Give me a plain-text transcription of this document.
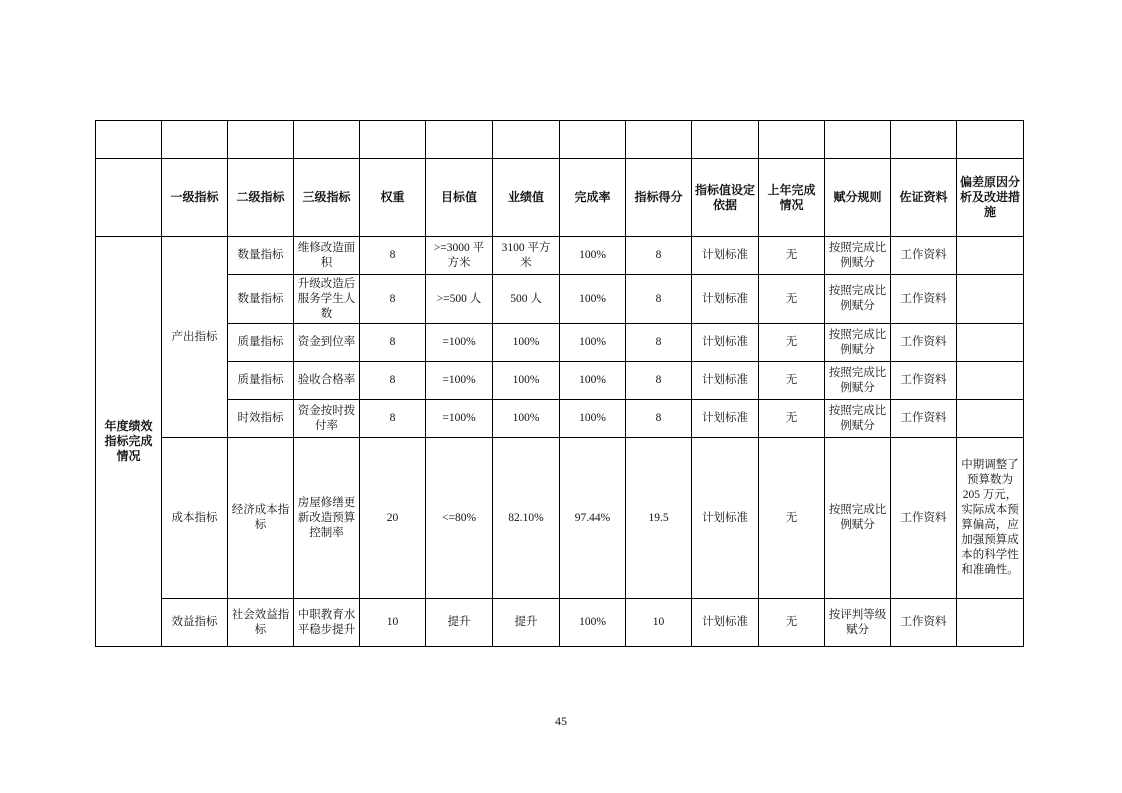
	一级指标	二级指标	三级指标	权重	目标值	业绩值	完成率	指标得分	指标值设定依据	上年完成情况	赋分规则	佐证资料	偏差原因分析及改进措施
年度绩效指标完成情况	产出指标	数量指标	维修改造面积	8	>=3000 平方米	3100 平方米	100%	8	计划标准	无	按照完成比例赋分	工作资料	
		数量指标	升级改造后服务学生人数	8	>=500 人	500 人	100%	8	计划标准	无	按照完成比例赋分	工作资料	
		质量指标	资金到位率	8	=100%	100%	100%	8	计划标准	无	按照完成比例赋分	工作资料	
		质量指标	验收合格率	8	=100%	100%	100%	8	计划标准	无	按照完成比例赋分	工作资料	
		时效指标	资金按时拨付率	8	=100%	100%	100%	8	计划标准	无	按照完成比例赋分	工作资料	
	成本指标	经济成本指标	房屋修缮更新改造预算控制率	20	<=80%	82.10%	97.44%	19.5	计划标准	无	按照完成比例赋分	工作资料	中期调整了预算数为 205 万元，实际成本预算偏高，应加强预算成本的科学性和准确性。
	效益指标	社会效益指标	中职教育水平稳步提升	10	提升	提升	100%	10	计划标准	无	按评判等级赋分	工作资料	
45
